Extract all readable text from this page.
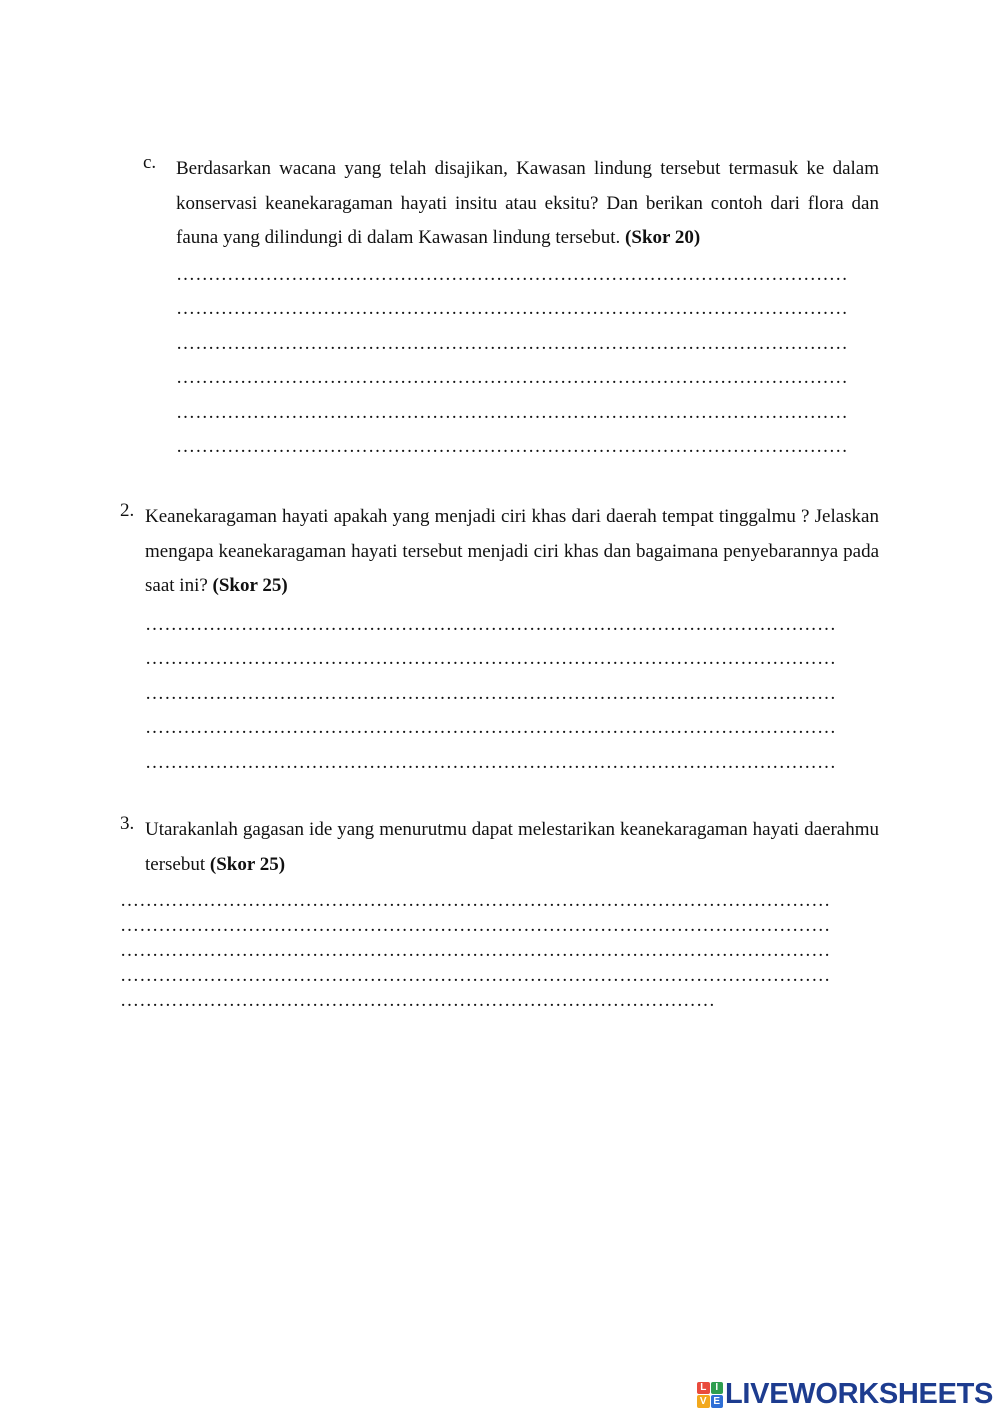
c.	Berdasarkan wacana yang telah disajikan, Kawasan lindung tersebut termasuk ke dalam konservasi keanekaragaman hayati insitu atau eksitu? Dan berikan contoh dari flora dan fauna yang dilindungi di dalam Kawasan lindung tersebut. (Skor 20)
……………………………………………………………………………………………
……………………………………………………………………………………………
……………………………………………………………………………………………
……………………………………………………………………………………………
……………………………………………………………………………………………
……………………………………………………………………………………………
2. Keanekaragaman hayati apakah yang menjadi ciri khas dari daerah tempat tinggalmu ? Jelaskan mengapa keanekaragaman hayati tersebut menjadi ciri khas dan bagaimana penyebarannya pada saat ini? (Skor 25)
………………………………………………………………………………………………
………………………………………………………………………………………………
………………………………………………………………………………………………
………………………………………………………………………………………………
………………………………………………………………………………………………
3. Utarakanlah gagasan ide yang menurutmu dapat melestarikan keanekaragaman hayati daerahmu tersebut (Skor 25)
…………………………………………………………………………………………………
…………………………………………………………………………………………………
…………………………………………………………………………………………………
…………………………………………………………………………………………………
…………………………………………………………………………………
L I
V E LIVEWORKSHEETS
